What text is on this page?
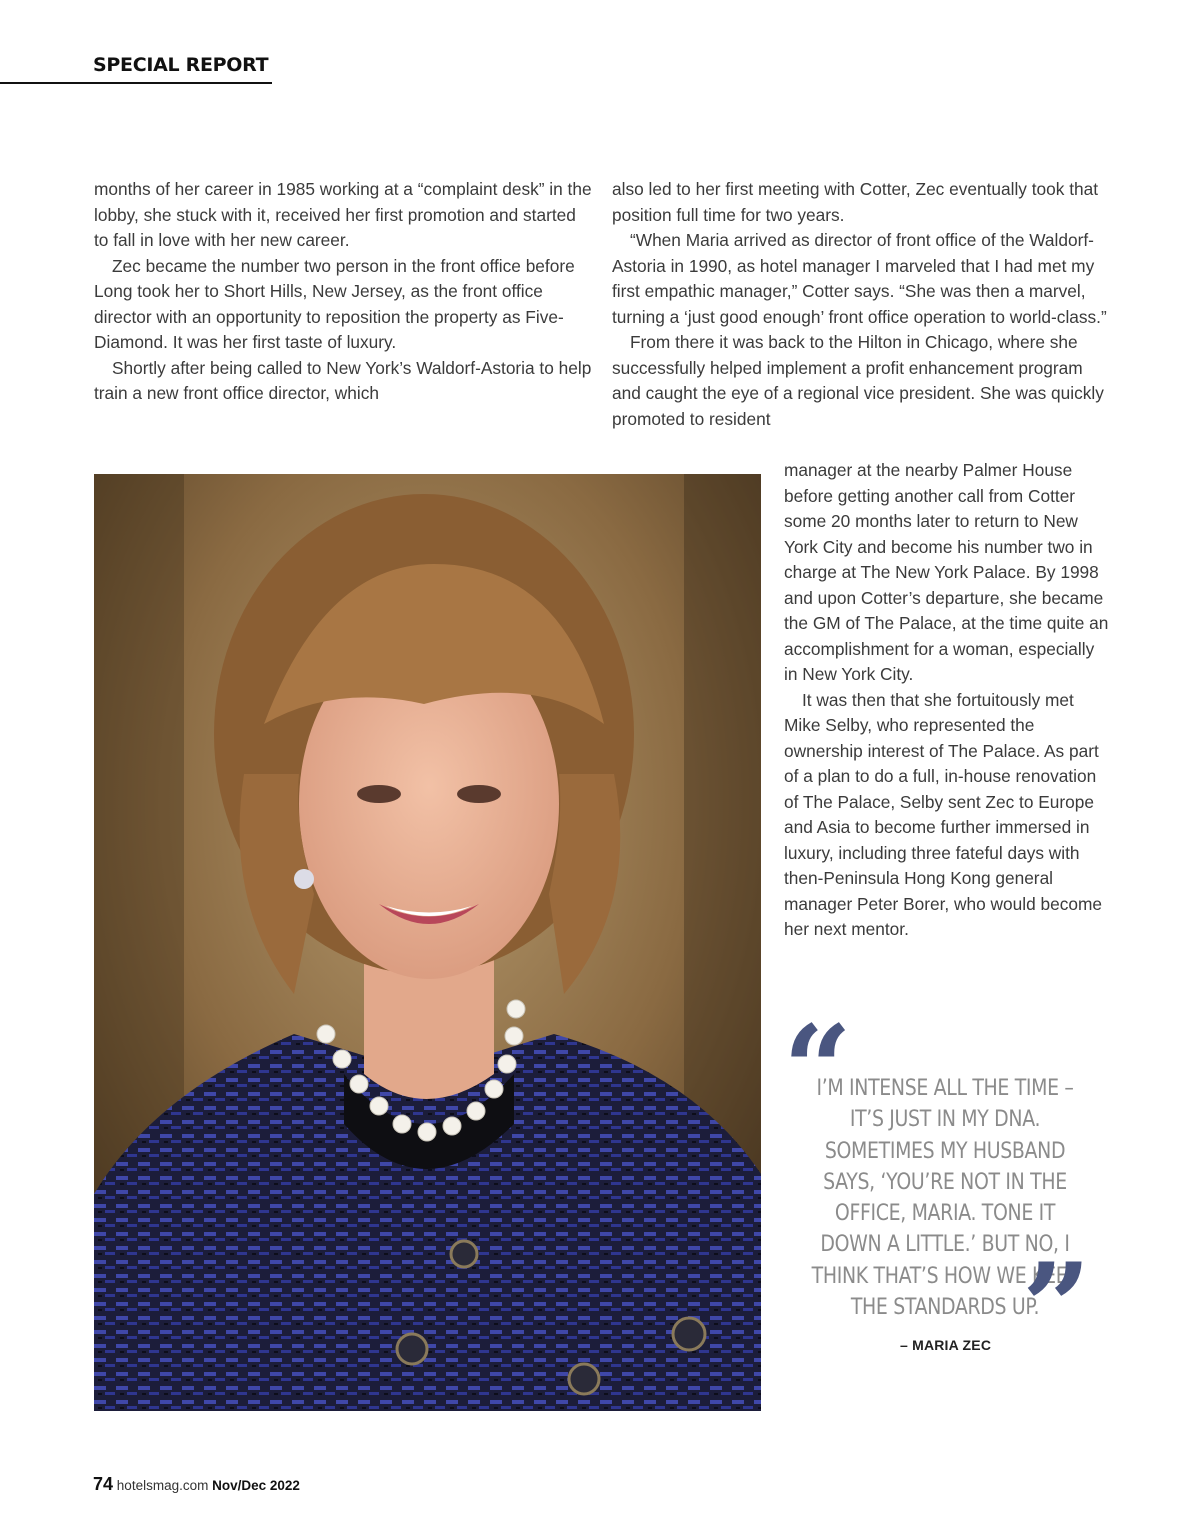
SPECIAL REPORT

months of her career in 1985 working at a “complaint desk” in the lobby, she stuck with it, received her first promotion and started to fall in love with her new career.

Zec became the number two person in the front office before Long took her to Short Hills, New Jersey, as the front office director with an opportunity to reposition the property as Five-Diamond. It was her first taste of luxury.

Shortly after being called to New York’s Waldorf-Astoria to help train a new front office director, which

also led to her first meeting with Cotter, Zec eventually took that position full time for two years.

“When Maria arrived as director of front office of the Waldorf-Astoria in 1990, as hotel manager I marveled that I had met my first empathic manager,” Cotter says. “She was then a marvel, turning a ‘just good enough’ front office operation to world-class.”

From there it was back to the Hilton in Chicago, where she successfully helped implement a profit enhancement program and caught the eye of a regional vice president. She was quickly promoted to resident

manager at the nearby Palmer House before getting another call from Cotter some 20 months later to return to New York City and become his number two in charge at The New York Palace. By 1998 and upon Cotter’s departure, she became the GM of The Palace, at the time quite an accomplishment for a woman, especially in New York City.

It was then that she fortuitously met Mike Selby, who represented the ownership interest of The Palace. As part of a plan to do a full, in-house renovation of The Palace, Selby sent Zec to Europe and Asia to become further immersed in luxury, including three fateful days with then-Peninsula Hong Kong general manager Peter Borer, who would become her next mentor.

“
I’M INTENSE ALL THE TIME – IT’S JUST IN MY DNA. SOMETIMES MY HUSBAND SAYS, ‘YOU’RE NOT IN THE OFFICE, MARIA. TONE IT DOWN A LITTLE.’ BUT NO, I THINK THAT’S HOW WE KEEP THE STANDARDS UP.
”
– MARIA ZEC
74 hotelsmag.com Nov/Dec 2022
